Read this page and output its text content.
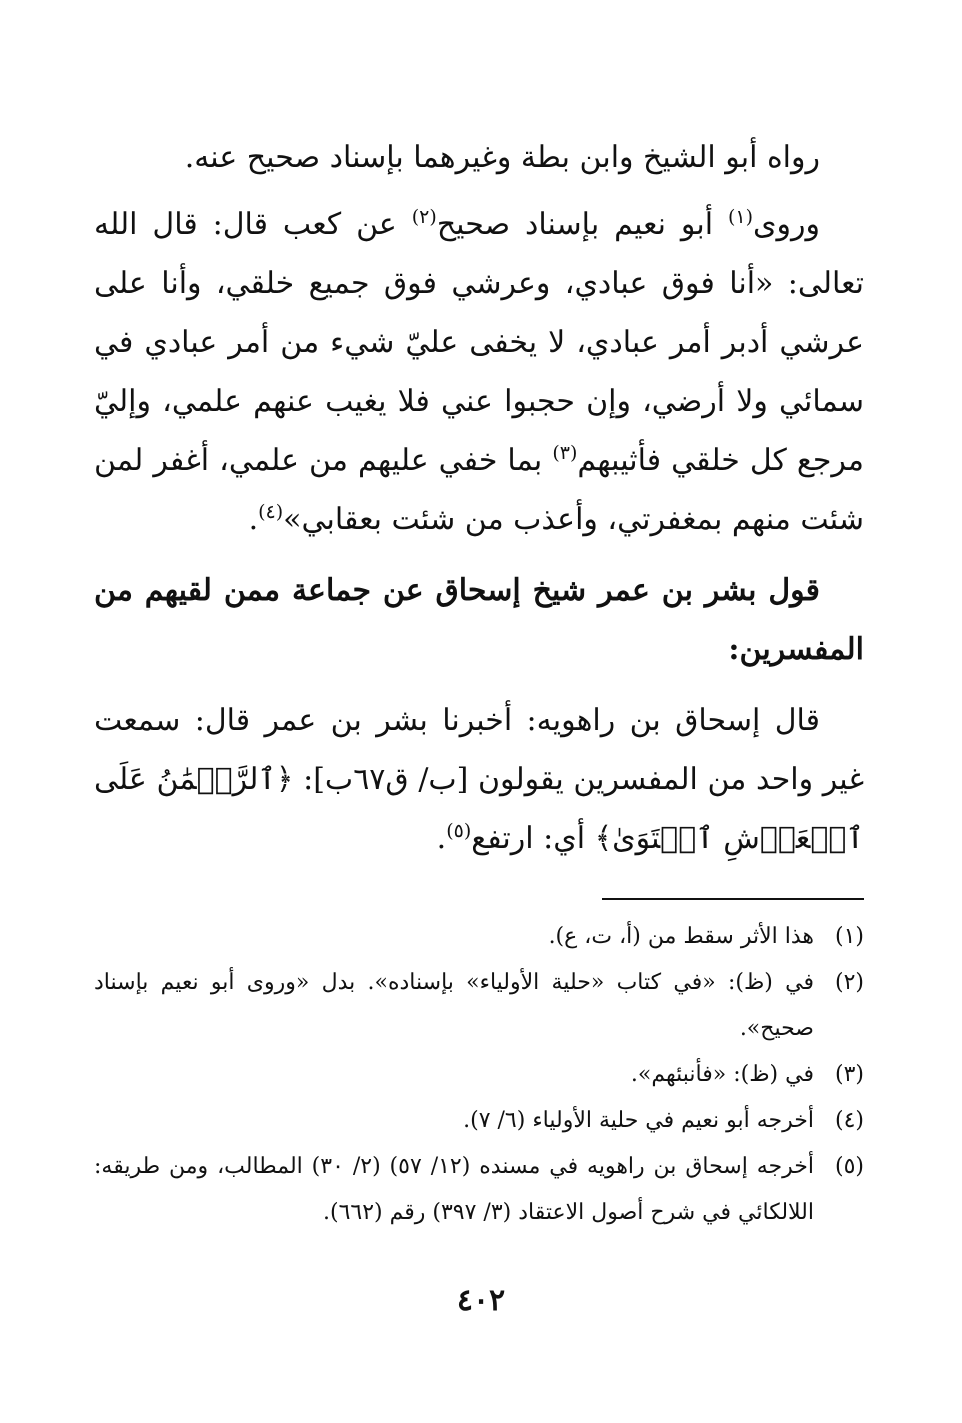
رواه أبو الشيخ وابن بطة وغيرهما بإسناد صحيح عنه.

وروى$^{(١)}$ أبو نعيم بإسناد صحيح$^{(٢)}$ عن كعب قال: قال الله تعالى: «أنا فوق عبادي، وعرشي فوق جميع خلقي، وأنا على عرشي أدبر أمر عبادي، لا يخفى عليّ شيء من أمر عبادي في سمائي ولا أرضي، وإن حجبوا عني فلا يغيب عنهم علمي، وإليّ مرجع كل خلقي فأثيبهم$^{(٣)}$ بما خفي عليهم من علمي، أغفر لمن شئت منهم بمغفرتي، وأعذب من شئت بعقابي»$^{(٤)}$.

قول بشر بن عمر شيخ إسحاق عن جماعة ممن لقيهم من المفسرين:

قال إسحاق بن راهويه: أخبرنا بشر بن عمر قال: سمعت غير واحد من المفسرين يقولون [ب/ ق٦٧ب]: ﴿ٱلرَّحۡمَٰنُ عَلَى ٱلۡعَرۡشِ ٱسۡتَوَىٰ﴾ أي: ارتفع$^{(٥)}$.

(١)
هذا الأثر سقط من (أ، ت، ع).
(٢)
في (ظ): «في كتاب «حلية الأولياء» بإسناده». بدل «وروى أبو نعيم بإسناد صحيح».
(٣)
في (ظ): «فأنبئهم».
(٤)
أخرجه أبو نعيم في حلية الأولياء (٦/ ٧).
(٥)
أخرجه إسحاق بن راهويه في مسنده (١٢/ ٥٧) (٢/ ٣٠) المطالب، ومن طريقه: اللالكائي في شرح أصول الاعتقاد (٣/ ٣٩٧) رقم (٦٦٢).
٤٠٢
